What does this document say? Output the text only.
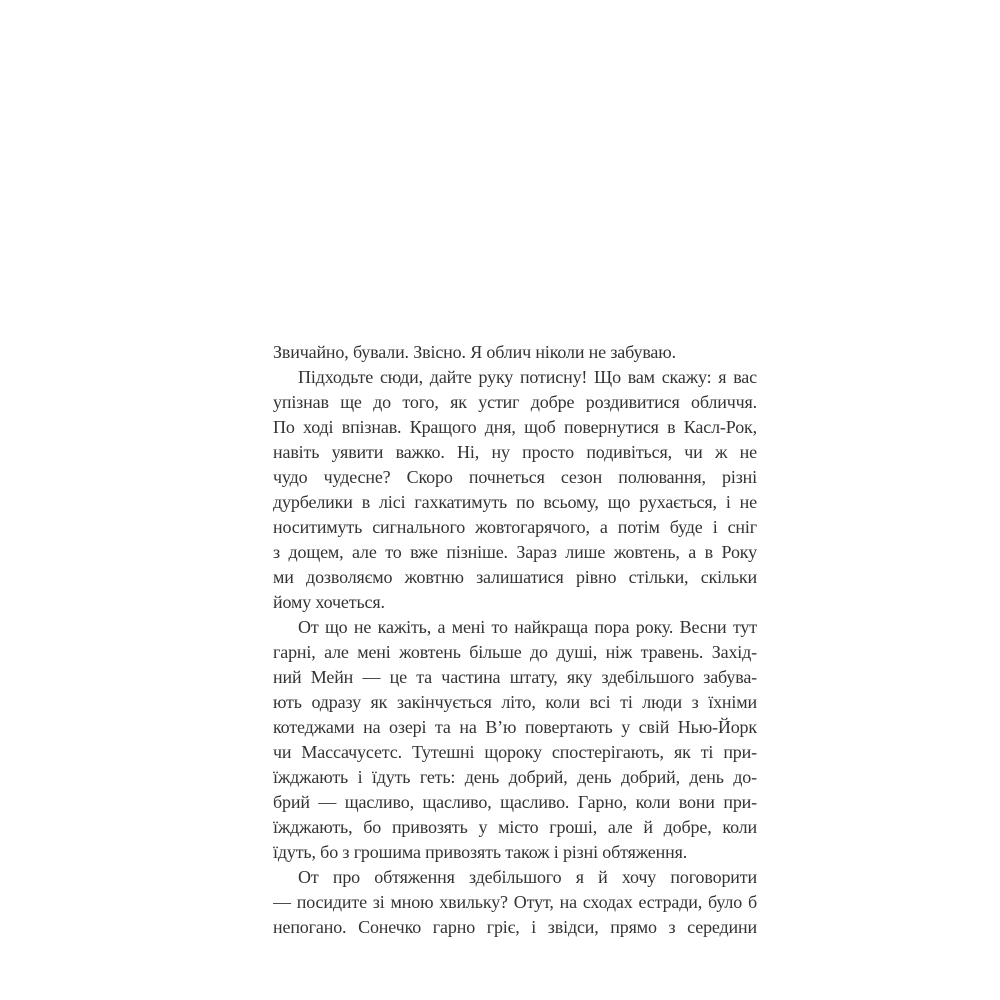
Звичайно, бували. Звісно. Я облич ніколи не забуваю.
Підходьте сюди, дайте руку потисну! Що вам скажу: я вас
упізнав ще до того, як устиг добре роздивитися обличчя.
По ході впізнав. Кращого дня, щоб повернутися в Касл-Рок,
навіть уявити важко. Ні, ну просто подивіться, чи ж не
чудо чудесне? Скоро почнеться сезон полювання, різні
дурбелики в лісі гахкатимуть по всьому, що рухається, і не
носитимуть сигнального жовтогарячого, а потім буде і сніг
з дощем, але то вже пізніше. Зараз лише жовтень, а в Року
ми дозволяємо жовтню залишатися рівно стільки, скільки
йому хочеться.
От що не кажіть, а мені то найкраща пора року. Весни тут
гарні, але мені жовтень більше до душі, ніж травень. Захід-
ний Мейн — це та частина штату, яку здебільшого забува-
ють одразу як закінчується літо, коли всі ті люди з їхніми
котеджами на озері та на В’ю повертають у свій Нью-Йорк
чи Массачусетс. Тутешні щороку спостерігають, як ті при-
їжджають і їдуть геть: день добрий, день добрий, день до-
брий — щасливо, щасливо, щасливо. Гарно, коли вони при-
їжджають, бо привозять у місто гроші, але й добре, коли
їдуть, бо з грошима привозять також і різні обтяження.
От про обтяження здебільшого я й хочу поговорити
— посидите зі мною хвильку? Отут, на сходах естради, було б
непогано. Сонечко гарно гріє, і звідси, прямо з середини
